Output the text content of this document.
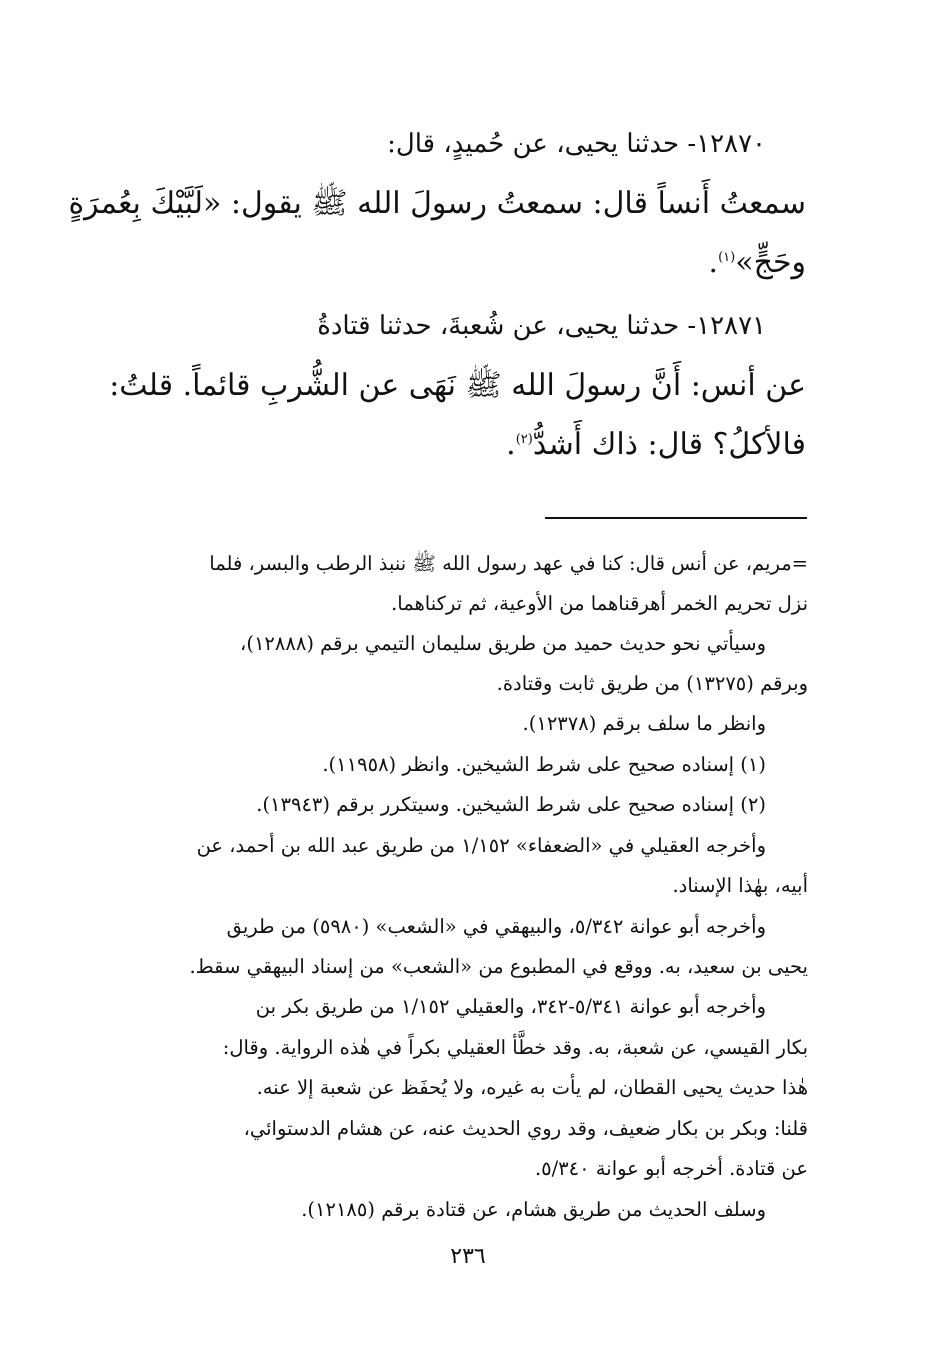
١٢٨٧٠- حدثنا يحيى، عن حُميدٍ، قال:
سمعتُ أَنساً قال: سمعتُ رسولَ الله ﷺ يقول: «لَبَّيْكَ بِعُمرَةٍ
وحَجٍّ»$^{(١)}$.
١٢٨٧١- حدثنا يحيى، عن شُعبةَ، حدثنا قتادةُ
عن أنس: أَنَّ رسولَ الله ﷺ نَهَى عن الشُّربِ قائماً. قلتُ:
فالأكلُ؟ قال: ذاك أَشدُّ$^{(٢)}$.
=مريم، عن أنس قال: كنا في عهد رسول الله ﷺ ننبذ الرطب والبسر، فلما
نزل تحريم الخمر أهرقناهما من الأوعية، ثم تركناهما.
وسيأتي نحو حديث حميد من طريق سليمان التيمي برقم (١٢٨٨٨)،
وبرقم (١٣٢٧٥) من طريق ثابت وقتادة.
وانظر ما سلف برقم (١٢٣٧٨).
(١) إسناده صحيح على شرط الشيخين. وانظر (١١٩٥٨).
(٢) إسناده صحيح على شرط الشيخين. وسيتكرر برقم (١٣٩٤٣).
وأخرجه العقيلي في «الضعفاء» ١/١٥٢ من طريق عبد الله بن أحمد، عن
أبيه، بهٰذا الإسناد.
وأخرجه أبو عوانة ٥/٣٤٢، والبيهقي في «الشعب» (٥٩٨٠) من طريق
يحيى بن سعيد، به. ووقع في المطبوع من «الشعب» من إسناد البيهقي سقط.
وأخرجه أبو عوانة ٥/٣٤١-٣٤٢، والعقيلي ١/١٥٢ من طريق بكر بن
بكار القيسي، عن شعبة، به. وقد خطَّأ العقيلي بكراً في هٰذه الرواية. وقال:
هٰذا حديث يحيى القطان، لم يأت به غيره، ولا يُحفَظ عن شعبة إلا عنه.
قلنا: وبكر بن بكار ضعيف، وقد روي الحديث عنه، عن هشام الدستوائي،
عن قتادة. أخرجه أبو عوانة ٥/٣٤٠.
وسلف الحديث من طريق هشام، عن قتادة برقم (١٢١٨٥).
٢٣٦
